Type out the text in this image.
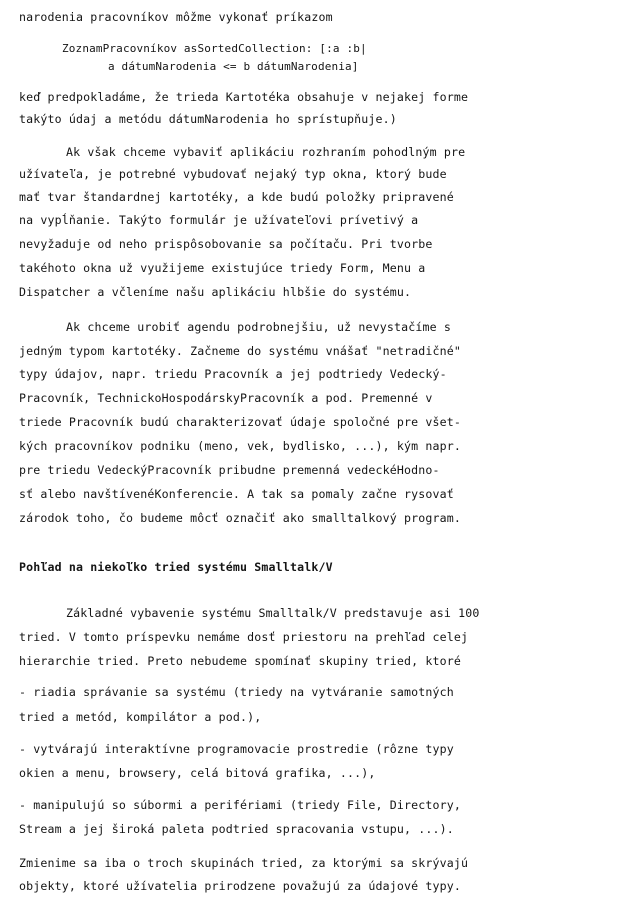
narodenia pracovníkov môžme vykonať príkazom
ZoznamPracovníkov asSortedCollection: [:a :b|
a dátumNarodenia <= b dátumNarodenia]
keď predpokladáme, že trieda Kartotéka obsahuje v nejakej forme
takýto údaj a metódu dátumNarodenia ho sprístupňuje.)
Ak však chceme vybaviť aplikáciu rozhraním pohodlným pre
užívateľa, je potrebné vybudovať nejaký typ okna, ktorý bude
mať tvar štandardnej kartotéky, a kde budú položky pripravené
na vypĺňanie. Takýto formulár je užívateľovi prívetivý a
nevyžaduje od neho prispôsobovanie sa počítaču. Pri tvorbe
takéhoto okna už využijeme existujúce triedy Form, Menu a
Dispatcher a včleníme našu aplikáciu hlbšie do systému.
Ak chceme urobiť agendu podrobnejšiu, už nevystačíme s
jedným typom kartotéky. Začneme do systému vnášať "netradičné"
typy údajov, napr. triedu Pracovník a jej podtriedy Vedecký-
Pracovník, TechnickoHospodárskyPracovník a pod. Premenné v
triede Pracovník budú charakterizovať údaje spoločné pre všet-
kých pracovníkov podniku (meno, vek, bydlisko, ...), kým napr.
pre triedu VedeckýPracovník pribudne premenná vedeckéHodno-
sť alebo navštívenéKonferencie. A tak sa pomaly začne rysovať
zárodok toho, čo budeme môcť označiť ako smalltalkový program.
Pohľad na niekoľko tried systému Smalltalk/V
Základné vybavenie systému Smalltalk/V predstavuje asi 100
tried. V tomto príspevku nemáme dosť priestoru na prehľad celej
hierarchie tried. Preto nebudeme spomínať skupiny tried, ktoré
- riadia správanie sa systému (triedy na vytváranie samotných
tried a metód, kompilátor a pod.),
- vytvárajú interaktívne programovacie prostredie (rôzne typy
okien a menu, browsery, celá bitová grafika, ...),
- manipulujú so súbormi a perifériami (triedy File, Directory,
Stream a jej široká paleta podtried spracovania vstupu, ...).
Zmienime sa iba o troch skupinách tried, za ktorými sa skrývajú
objekty, ktoré užívatelia prirodzene považujú za údajové typy.
